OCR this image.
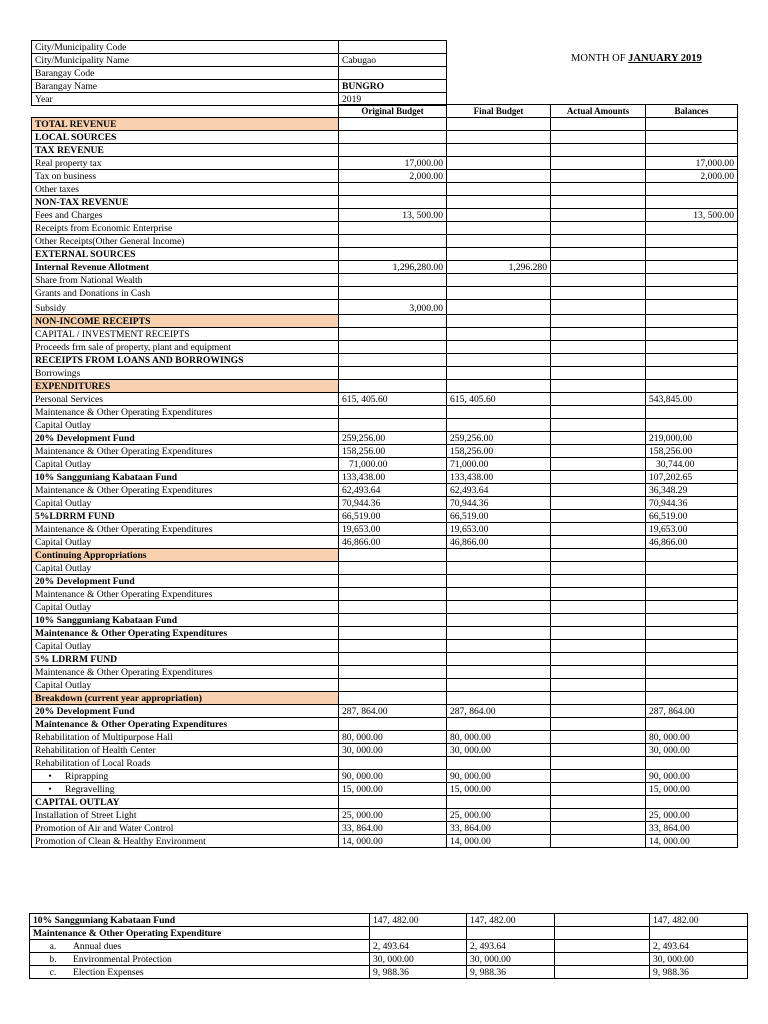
MONTH OF JANUARY 2019
City/Municipality Code	
City/Municipality Name	Cabugao
Barangay Code	
Barangay Name	BUNGRO
Year	2019
	Original Budget	Final Budget	Actual Amounts	Balances
TOTAL REVENUE				
LOCAL SOURCES				
TAX REVENUE				
Real property tax	17,000.00			17,000.00
Tax on business	2,000.00			2,000.00
Other taxes				
NON-TAX REVENUE				
Fees and Charges	13, 500.00			13, 500.00
Receipts from Economic Enterprise				
Other Receipts(Other General Income)				
EXTERNAL SOURCES				
Internal Revenue Allotment	1,296,280.00	1,296.280		
Share from National Wealth				
Grants and Donations in Cash				
Subsidy	3,000.00			
NON-INCOME RECEIPTS				
CAPITAL / INVESTMENT RECEIPTS				
Proceeds frm sale of property, plant and equipment				
RECEIPTS FROM LOANS AND BORROWINGS				
Borrowings				
EXPENDITURES				
Personal Services	615, 405.60	615, 405.60		543,845.00
Maintenance & Other Operating Expenditures				
Capital Outlay				
20% Development Fund	259,256.00	259,256.00		219,000.00
Maintenance & Other Operating Expenditures	158,256.00	158,256.00		158,256.00
Capital Outlay	71,000.00	71,000.00		30,744.00
10% Sangguniang Kabataan Fund	133,438.00	133,438.00		107,202.65
Maintenance & Other Operating Expenditures	62,493.64	62,493.64		36,348.29
Capital Outlay	70,944.36	70,944.36		70,944.36
5%LDRRM FUND	66,519.00	66,519.00		66,519.00
Maintenance & Other Operating Expenditures	19,653.00	19,653.00		19,653.00
Capital Outlay	46,866.00	46,866.00		46,866.00
Continuing Appropriations				
Capital Outlay				
20% Development Fund				
Maintenance & Other Operating Expenditures				
Capital Outlay				
10% Sangguniang Kabataan Fund				
Maintenance & Other Operating Expenditures				
Capital Outlay				
5% LDRRM FUND				
Maintenance & Other Operating Expenditures				
Capital Outlay				
Breakdown (current year appropriation)				
20% Development Fund	287, 864.00	287, 864.00		287, 864.00
Maintenance & Other Operating Expenditures				
Rehabilitation of Multipurpose Hall	80, 000.00	80, 000.00		80, 000.00
Rehabilitation of Health Center	30, 000.00	30, 000.00		30, 000.00
Rehabilitation of Local Roads				
• Riprapping	90, 000.00	90, 000.00		90, 000.00
• Regravelling	15, 000.00	15, 000.00		15, 000.00
CAPITAL OUTLAY				
Installation of Street Light	25, 000.00	25, 000.00		25, 000.00
Promotion of Air and Water Control	33, 864.00	33, 864.00		33, 864.00
Promotion of Clean & Healthy Environment	14, 000.00	14, 000.00		14, 000.00
10% Sangguniang Kabataan Fund	147, 482.00	147, 482.00		147, 482.00
Maintenance & Other Operating Expenditure				
a. Annual dues	2, 493.64	2, 493.64		2, 493.64
b. Environmental Protection	30, 000.00	30, 000.00		30, 000.00
c. Election Expenses	9, 988.36	9, 988.36		9, 988.36
